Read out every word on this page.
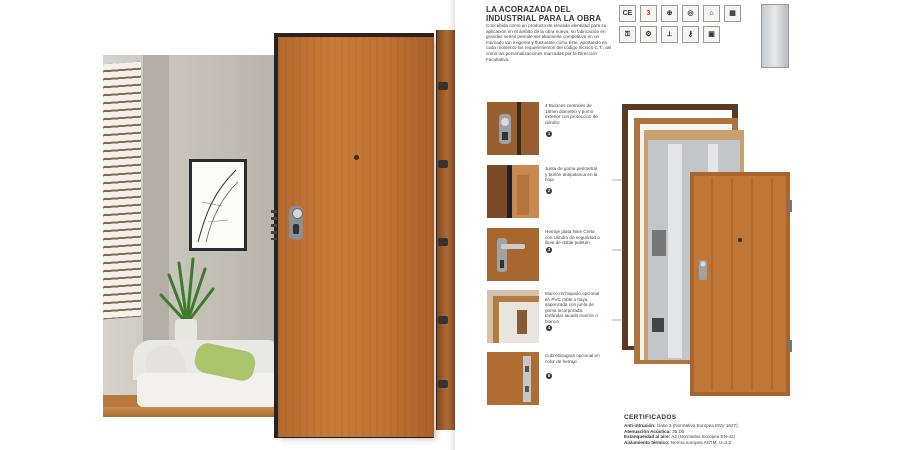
LA ACORAZADA DEL INDUSTRIAL PARA LA OBRA
Concebida como un producto de elevada identidad para su aplicación en el ámbito de la obra nueva, su fabricación en grandes series permite ser altamente competitiva en un mercado tan exigente y fluctuante como éste, aportando en cada momento los requerimientos del código técnico C.T., así como las personalizaciones marcadas por la Dirección Facultativa.
CE	3	⊕	◎	⌂	▦
⚿	⚙	⟂	⚷	▣
4 Bulones centrales de 18mm diámetro y pomo exterior con protección de cilindro
1
Junta de goma perimetral y burlón antipalanca en la hoja
2
Herraje plata Nine Creta con cilindro de seguridad o llave de doble paletón
3
Marco rechapado opcional en PVC roble o haya sapenzada con junta de goma incorporada. Estándar lacado marrón o blanco
4
Cubrebisagras opcional en color de herraje
5
CERTIFICADOS
Anti-intrusión: clase 3 (Normativa Europea ENV 1627)
Atenuación Acústica: 35 Db
Estanqueidad al aire: A2 (Normativa Europea EN-42)
Aislamiento térmico: Norma europea ASTM. U=2,2
